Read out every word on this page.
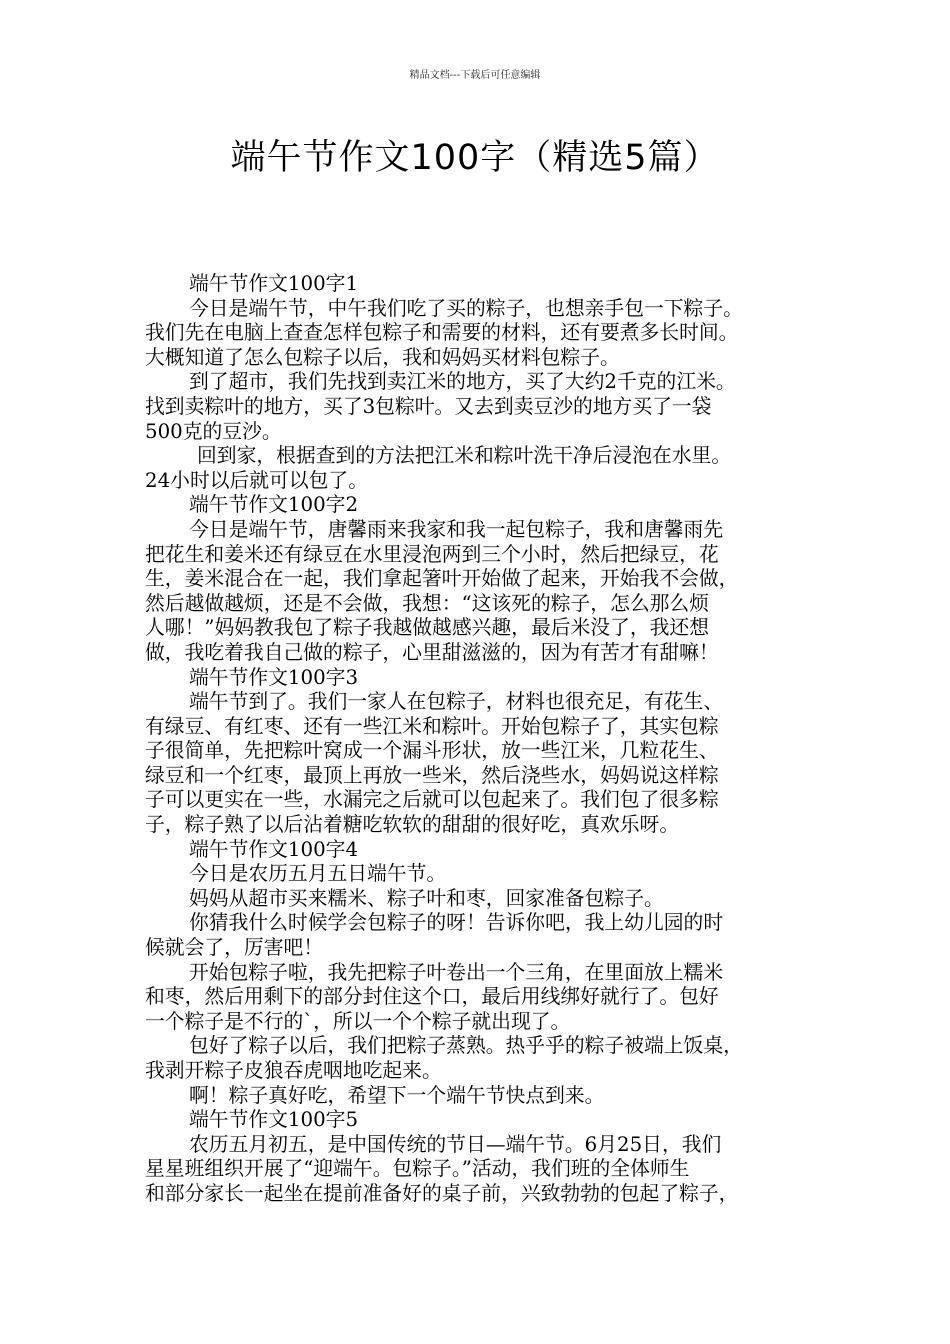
精品文档---下载后可任意编辑
端午节作文100字（精选5篇）
端午节作文100字1
今日是端午节，中午我们吃了买的粽子，也想亲手包一下粽子。
我们先在电脑上查查怎样包粽子和需要的材料，还有要煮多长时间。
大概知道了怎么包粽子以后，我和妈妈买材料包粽子。
到了超市，我们先找到卖江米的地方，买了大约2千克的江米。
找到卖粽叶的地方，买了3包粽叶。又去到卖豆沙的地方买了一袋
500克的豆沙。
回到家，根据查到的方法把江米和粽叶洗干净后浸泡在水里。
24小时以后就可以包了。
端午节作文100字2
今日是端午节，唐馨雨来我家和我一起包粽子，我和唐馨雨先
把花生和姜米还有绿豆在水里浸泡两到三个小时，然后把绿豆，花
生，姜米混合在一起，我们拿起箸叶开始做了起来，开始我不会做，
然后越做越烦，还是不会做，我想：“这该死的粽子，怎么那么烦
人哪！”妈妈教我包了粽子我越做越感兴趣，最后米没了，我还想
做，我吃着我自己做的粽子，心里甜滋滋的，因为有苦才有甜嘛！
端午节作文100字3
端午节到了。我们一家人在包粽子，材料也很充足，有花生、
有绿豆、有红枣、还有一些江米和粽叶。开始包粽子了，其实包粽
子很简单，先把粽叶窝成一个漏斗形状，放一些江米，几粒花生、
绿豆和一个红枣，最顶上再放一些米，然后浇些水，妈妈说这样粽
子可以更实在一些，水漏完之后就可以包起来了。我们包了很多粽
子，粽子熟了以后沾着糖吃软软的甜甜的很好吃，真欢乐呀。
端午节作文100字4
今日是农历五月五日端午节。
妈妈从超市买来糯米、粽子叶和枣，回家准备包粽子。
你猜我什么时候学会包粽子的呀！告诉你吧，我上幼儿园的时
候就会了，厉害吧！
开始包粽子啦，我先把粽子叶卷出一个三角，在里面放上糯米
和枣，然后用剩下的部分封住这个口，最后用线绑好就行了。包好
一个粽子是不行的`，所以一个个粽子就出现了。
包好了粽子以后，我们把粽子蒸熟。热乎乎的粽子被端上饭桌，
我剥开粽子皮狼吞虎咽地吃起来。
啊！粽子真好吃，希望下一个端午节快点到来。
端午节作文100字5
农历五月初五，是中国传统的节日—端午节。6月25日，我们
星星班组织开展了“迎端午。包粽子。”活动，我们班的全体师生
和部分家长一起坐在提前准备好的桌子前，兴致勃勃的包起了粽子，
